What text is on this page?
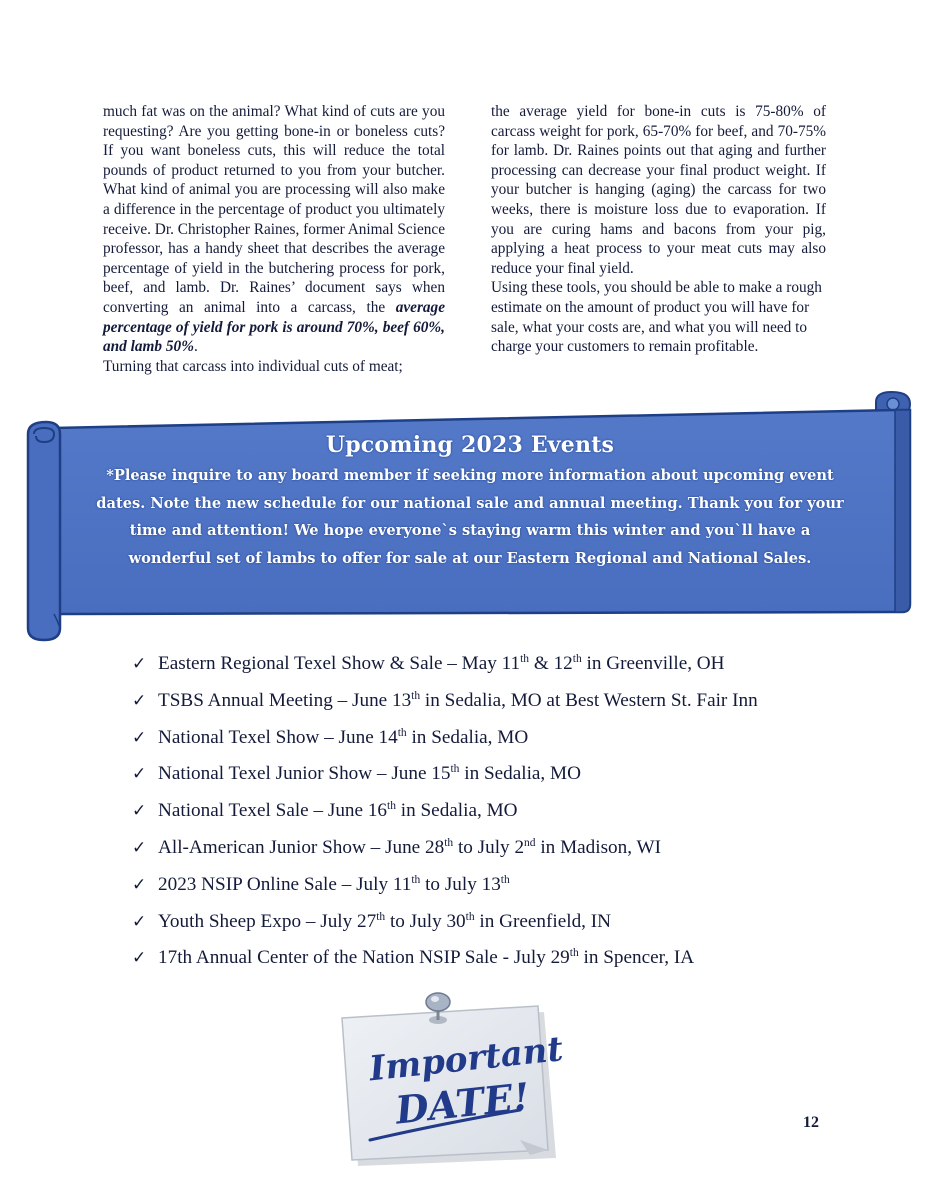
much fat was on the animal? What kind of cuts are you requesting? Are you getting bone-in or boneless cuts? If you want boneless cuts, this will reduce the total pounds of product returned to you from your butcher. What kind of animal you are processing will also make a difference in the percentage of product you ultimately receive. Dr. Christopher Raines, former Animal Science professor, has a handy sheet that describes the average percentage of yield in the butchering process for pork, beef, and lamb. Dr. Raines’ document says when converting an animal into a carcass, the average percentage of yield for pork is around 70%, beef 60%, and lamb 50%.

Turning that carcass into individual cuts of meat;

the average yield for bone-in cuts is 75-80% of carcass weight for pork, 65-70% for beef, and 70-75% for lamb. Dr. Raines points out that aging and further processing can decrease your final product weight. If your butcher is hanging (aging) the carcass for two weeks, there is moisture loss due to evaporation. If you are curing hams and bacons from your pig, applying a heat process to your meat cuts may also reduce your final yield.

Using these tools, you should be able to make a rough estimate on the amount of product you will have for sale, what your costs are, and what you will need to charge your customers to remain profitable.

Upcoming 2023 Events
*Please inquire to any board member if seeking more information about upcoming event dates. Note the new schedule for our national sale and annual meeting. Thank you for your time and attention! We hope everyone`s staying warm this winter and you`ll have a wonderful set of lambs to offer for sale at our Eastern Regional and National Sales.
✓ Eastern Regional Texel Show & Sale – May 11th & 12th in Greenville, OH
✓ TSBS Annual Meeting – June 13th in Sedalia, MO at Best Western St. Fair Inn
✓ National Texel Show – June 14th in Sedalia, MO
✓ National Texel Junior Show – June 15th in Sedalia, MO
✓ National Texel Sale – June 16th in Sedalia, MO
✓ All-American Junior Show – June 28th to July 2nd in Madison, WI
✓ 2023 NSIP Online Sale – July 11th to July 13th
✓ Youth Sheep Expo – July 27th to July 30th in Greenfield, IN
✓ 17th Annual Center of the Nation NSIP Sale - July 29th in Spencer, IA
Important
DATE!	12
